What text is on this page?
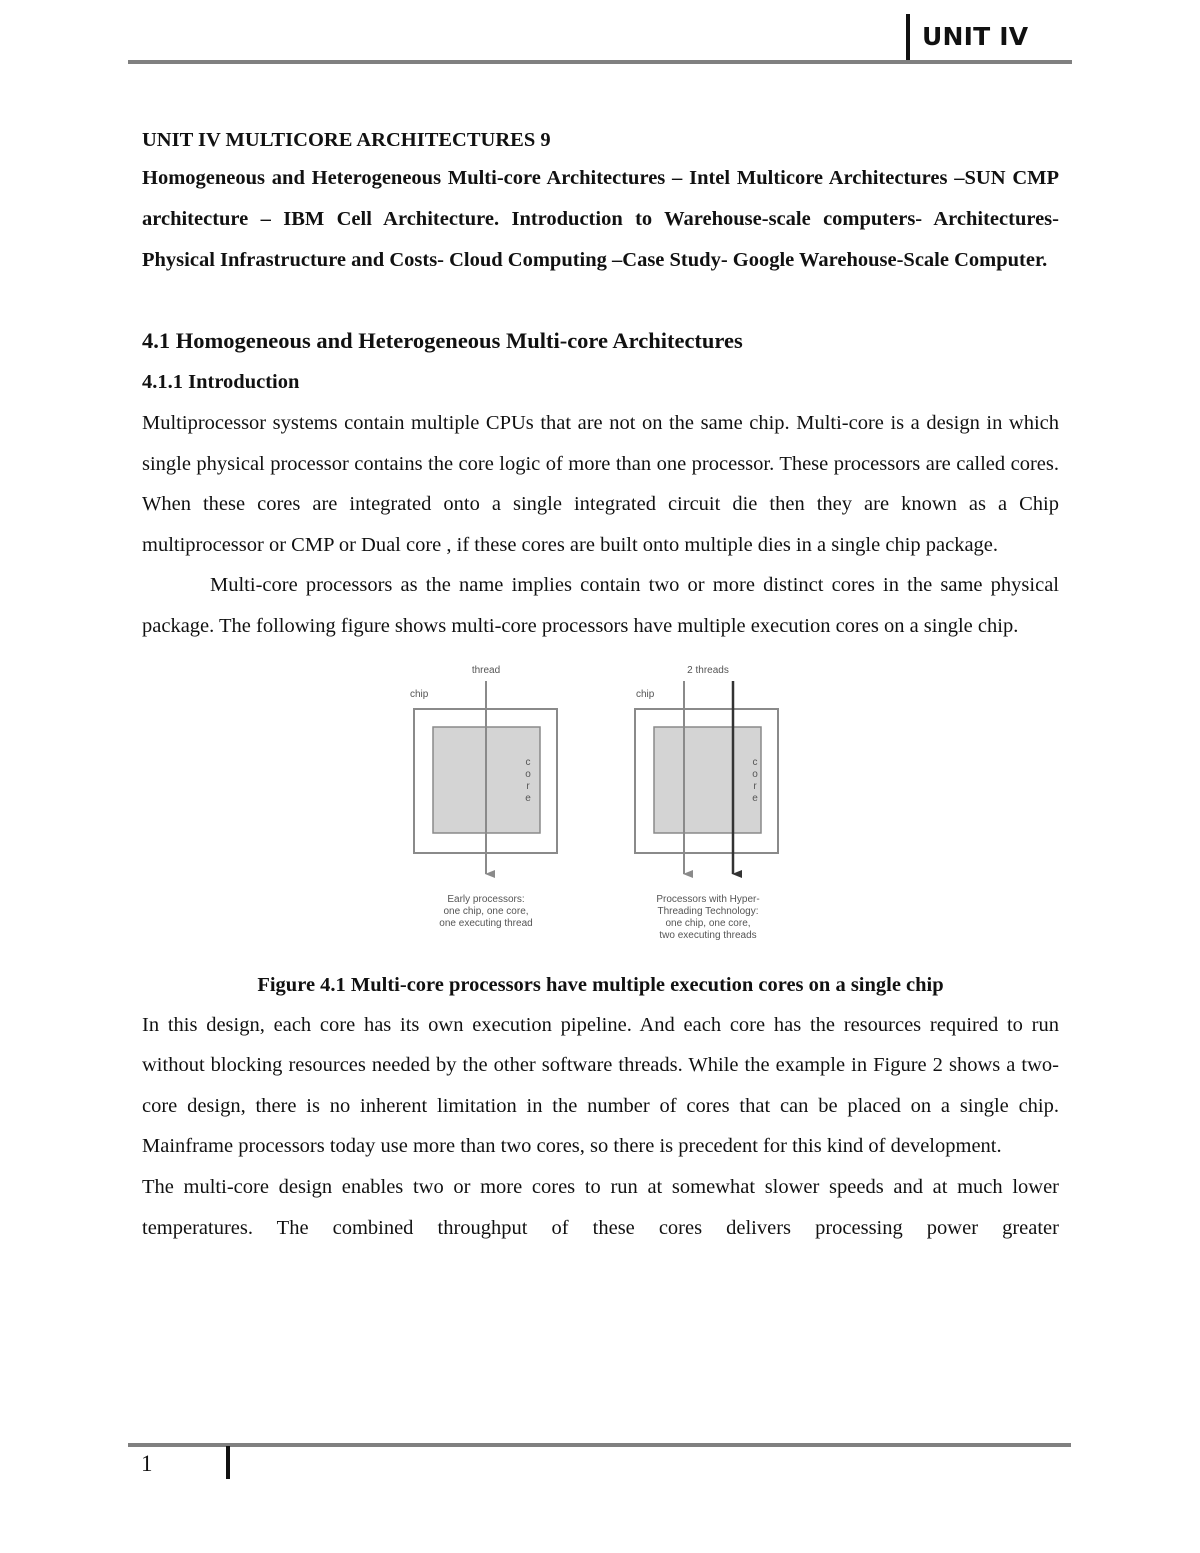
UNIT IV

UNIT IV MULTICORE ARCHITECTURES 9

Homogeneous and Heterogeneous Multi-core Architectures – Intel Multicore Architectures –SUN CMP architecture – IBM Cell Architecture. Introduction to Warehouse-scale computers- Architectures- Physical Infrastructure and Costs- Cloud Computing –Case Study- Google Warehouse-Scale Computer.

4.1 Homogeneous and Heterogeneous Multi-core Architectures
4.1.1 Introduction

Multiprocessor systems contain multiple CPUs that are not on the same chip. Multi-core is a design in which single physical processor contains the core logic of more than one processor. These processors are called cores. When these cores are integrated onto a single integrated circuit die then they are known as a Chip multiprocessor or CMP or Dual core , if these cores are built onto multiple dies in a single chip package.

Multi-core processors as the name implies contain two or more distinct cores in the same physical package. The following figure shows multi-core processors have multiple execution cores on a single chip.

thread
chip
c
o
r
e
Early processors:
one chip, one core,
one executing thread
2 threads
chip
c
o
r
e
Processors with Hyper-
Threading Technology:
one chip, one core,
two executing threads

Figure 4.1 Multi-core processors have multiple execution cores on a single chip

In this design, each core has its own execution pipeline. And each core has the resources required to run without blocking resources needed by the other software threads. While the example in Figure 2 shows a two-core design, there is no inherent limitation in the number of cores that can be placed on a single chip. Mainframe processors today use more than two cores, so there is precedent for this kind of development.

The multi-core design enables two or more cores to run at somewhat slower speeds and at much lower temperatures. The combined throughput of these cores delivers processing power greater

1
